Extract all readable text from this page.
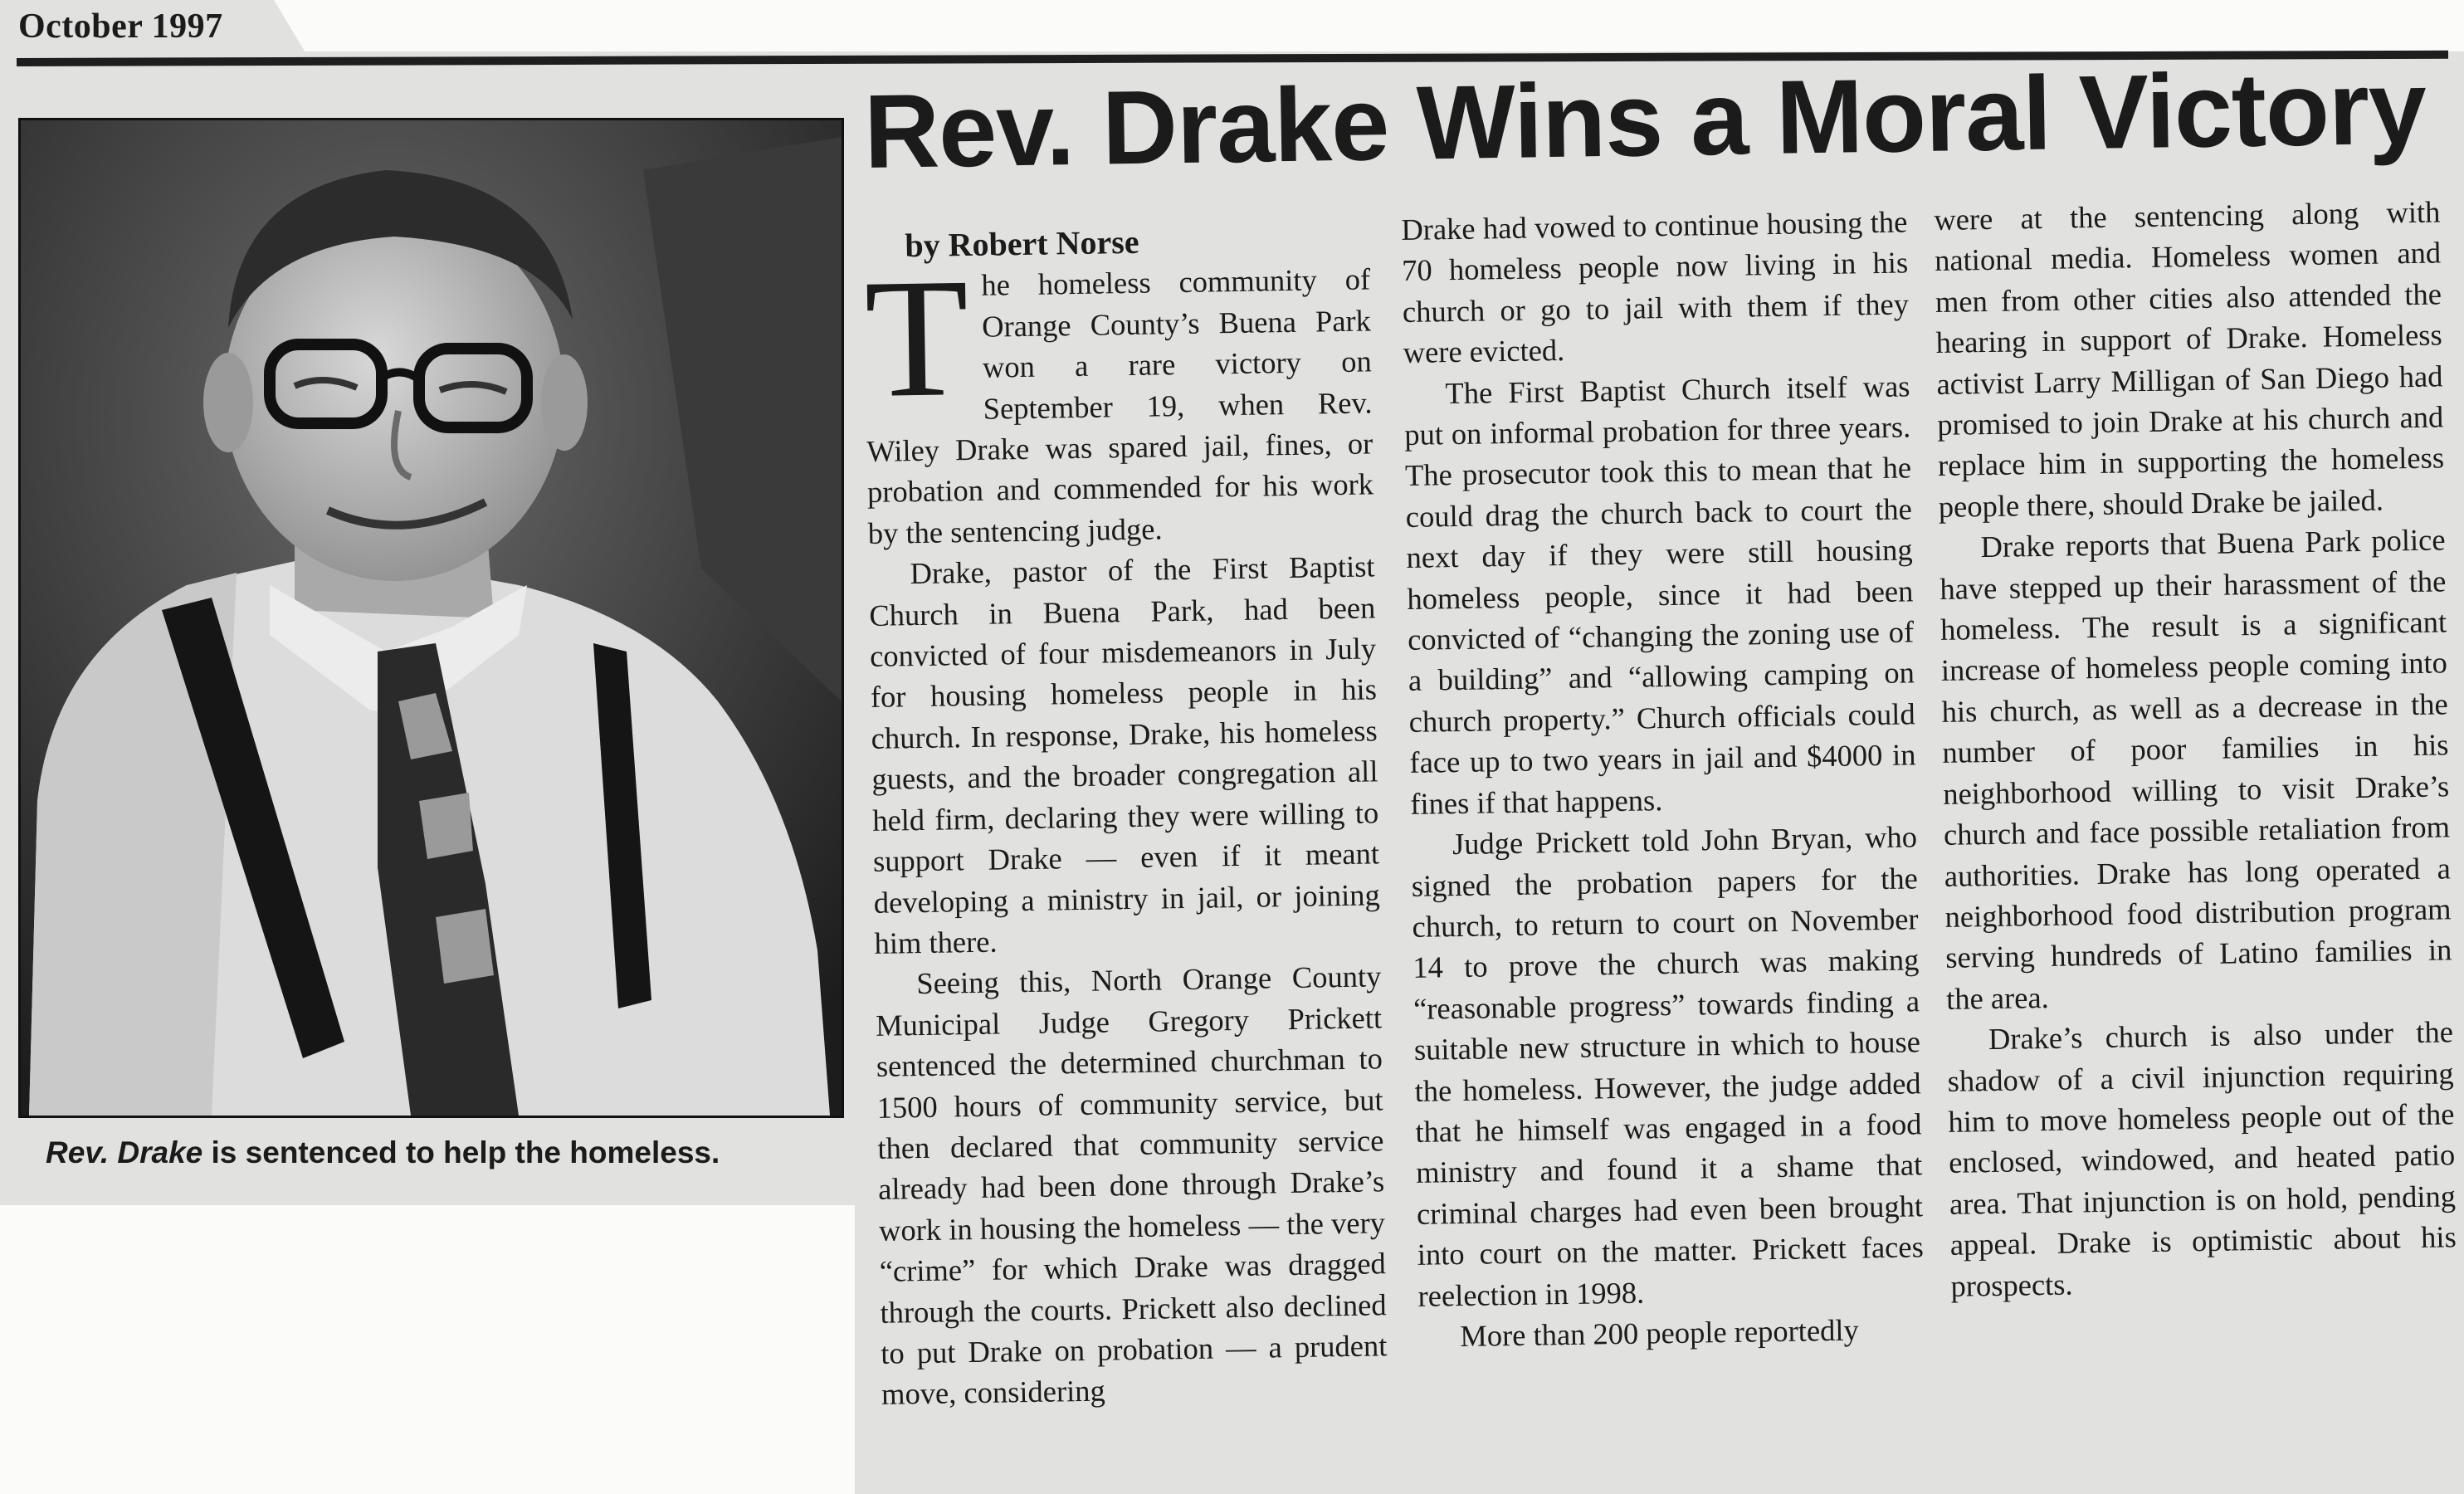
October 1997
Rev. Drake Wins a Moral Victory
Rev. Drake is sentenced to help the homeless.

by Robert Norse

The homeless community of Orange County’s Buena Park won a rare victory on September 19, when Rev. Wiley Drake was spared jail, fines, or probation and commended for his work by the sentencing judge.

Drake, pastor of the First Baptist Church in Buena Park, had been convicted of four misdemeanors in July for housing homeless people in his church. In response, Drake, his homeless guests, and the broader congregation all held firm, declaring they were willing to support Drake — even if it meant developing a ministry in jail, or joining him there.

Seeing this, North Orange County Municipal Judge Gregory Prickett sentenced the determined churchman to 1500 hours of community service, but then declared that community service already had been done through Drake’s work in housing the homeless — the very “crime” for which Drake was dragged through the courts. Prickett also declined to put Drake on probation — a prudent move, considering

Drake had vowed to continue housing the 70 homeless people now living in his church or go to jail with them if they were evicted.

The First Baptist Church itself was put on informal probation for three years. The prosecutor took this to mean that he could drag the church back to court the next day if they were still housing homeless people, since it had been convicted of “changing the zoning use of a building” and “allowing camping on church property.” Church officials could face up to two years in jail and $4000 in fines if that happens.

Judge Prickett told John Bryan, who signed the probation papers for the church, to return to court on November 14 to prove the church was making “reasonable progress” towards finding a suitable new structure in which to house the homeless. However, the judge added that he himself was engaged in a food ministry and found it a shame that criminal charges had even been brought into court on the matter. Prickett faces reelection in 1998.

More than 200 people reportedly

were at the sentencing along with national media. Homeless women and men from other cities also attended the hearing in support of Drake. Homeless activist Larry Milligan of San Diego had promised to join Drake at his church and replace him in supporting the homeless people there, should Drake be jailed.

Drake reports that Buena Park police have stepped up their harassment of the homeless. The result is a significant increase of homeless people coming into his church, as well as a decrease in the number of poor families in his neighborhood willing to visit Drake’s church and face possible retaliation from authorities. Drake has long operated a neighborhood food distribution program serving hundreds of Latino families in the area.

Drake’s church is also under the shadow of a civil injunction requiring him to move homeless people out of the enclosed, windowed, and heated patio area. That injunction is on hold, pending appeal. Drake is optimistic about his prospects.
